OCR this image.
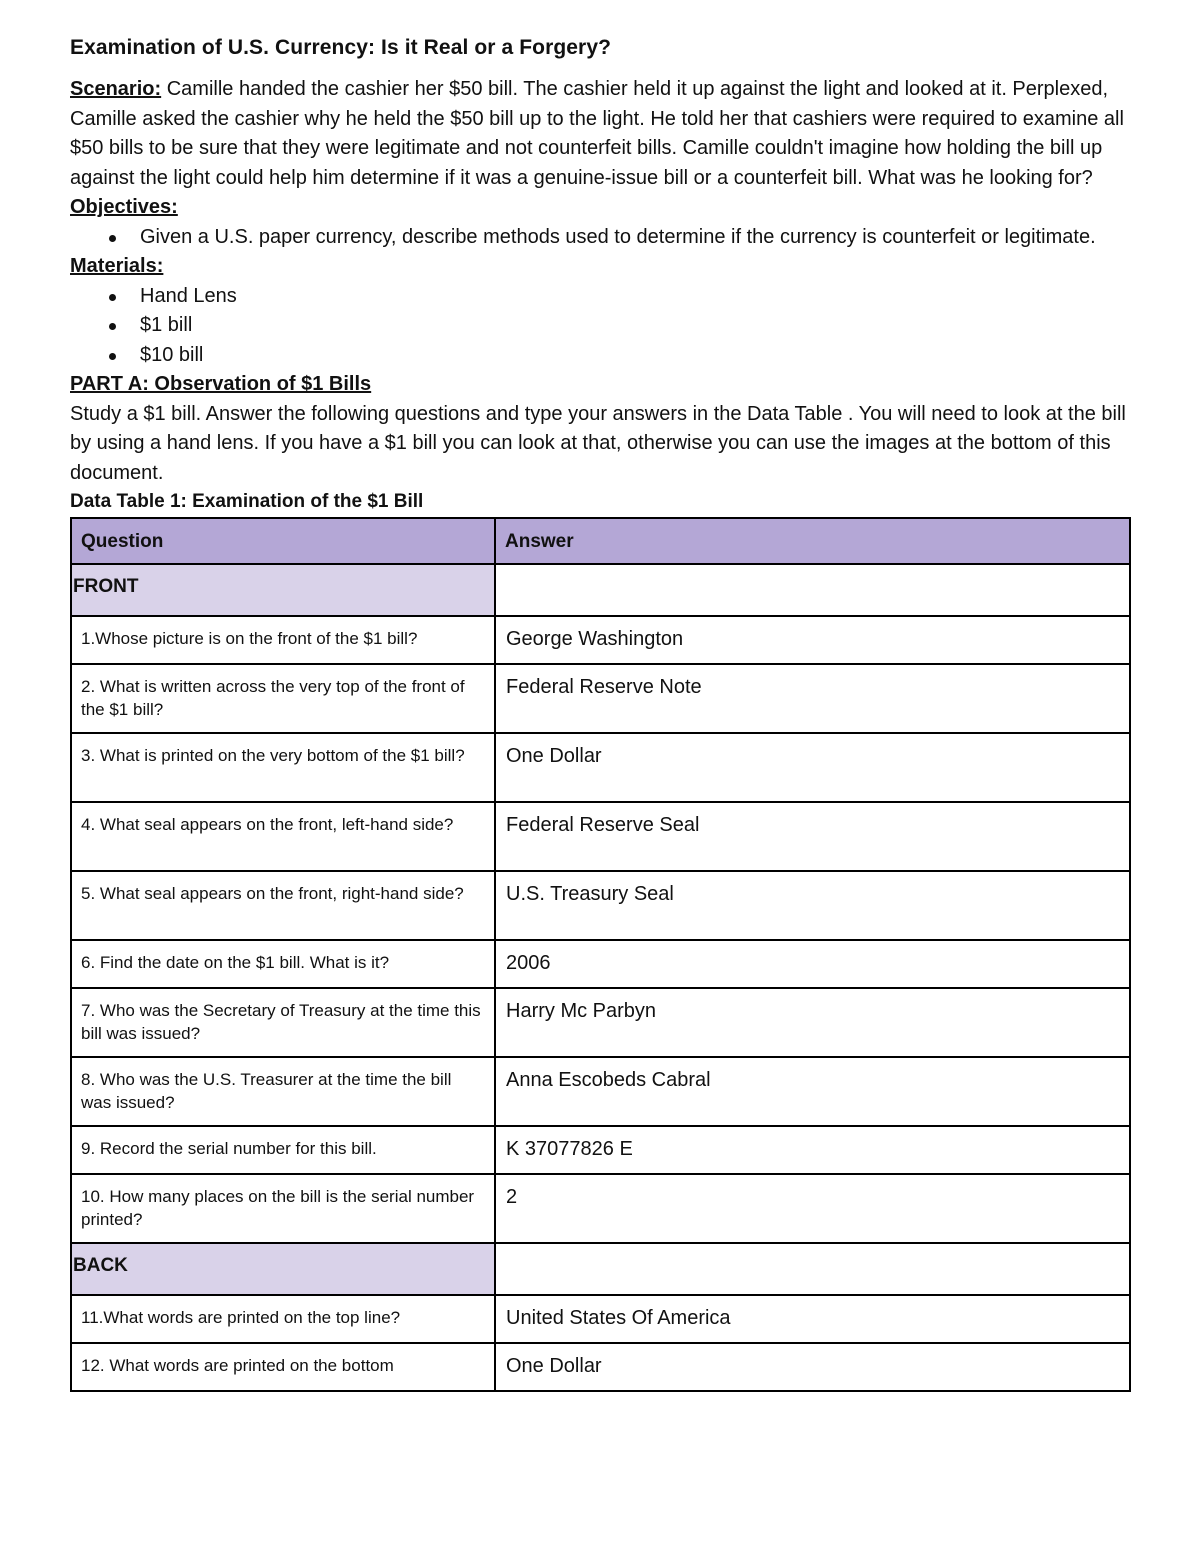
Examination of U.S. Currency: Is it Real or a Forgery?

Scenario: Camille handed the cashier her $50 bill. The cashier held it up against the light and looked at it. Perplexed, Camille asked the cashier why he held the $50 bill up to the light. He told her that cashiers were required to examine all $50 bills to be sure that they were legitimate and not counterfeit bills. Camille couldn't imagine how holding the bill up against the light could help him determine if it was a genuine-issue bill or a counterfeit bill. What was he looking for?

Objectives:

Given a U.S. paper currency, describe methods used to determine if the currency is counterfeit or legitimate.

Materials:

Hand Lens
$1 bill
$10 bill

PART A: Observation of $1 Bills

Study a $1 bill. Answer the following questions and type your answers in the Data Table . You will need to look at the bill by using a hand lens. If you have a $1 bill you can look at that, otherwise you can use the images at the bottom of this document.

Data Table 1: Examination of the $1 Bill

Question	Answer
FRONT	
1.Whose picture is on the front of the $1 bill?	George Washington
2. What is written across the very top of the front of the $1 bill?	Federal Reserve Note
3. What is printed on the very bottom of the $1 bill?	One Dollar
4. What seal appears on the front, left-hand side?	Federal Reserve Seal
5. What seal appears on the front, right-hand side?	U.S. Treasury Seal
6. Find the date on the $1 bill. What is it?	2006
7. Who was the Secretary of Treasury at the time this bill was issued?	Harry Mc Parbyn
8. Who was the U.S. Treasurer at the time the bill was issued?	Anna Escobeds Cabral
9. Record the serial number for this bill.	K 37077826 E
10. How many places on the bill is the serial number printed?	2
BACK	
11.What words are printed on the top line?	United States Of America
12. What words are printed on the bottom	One Dollar
